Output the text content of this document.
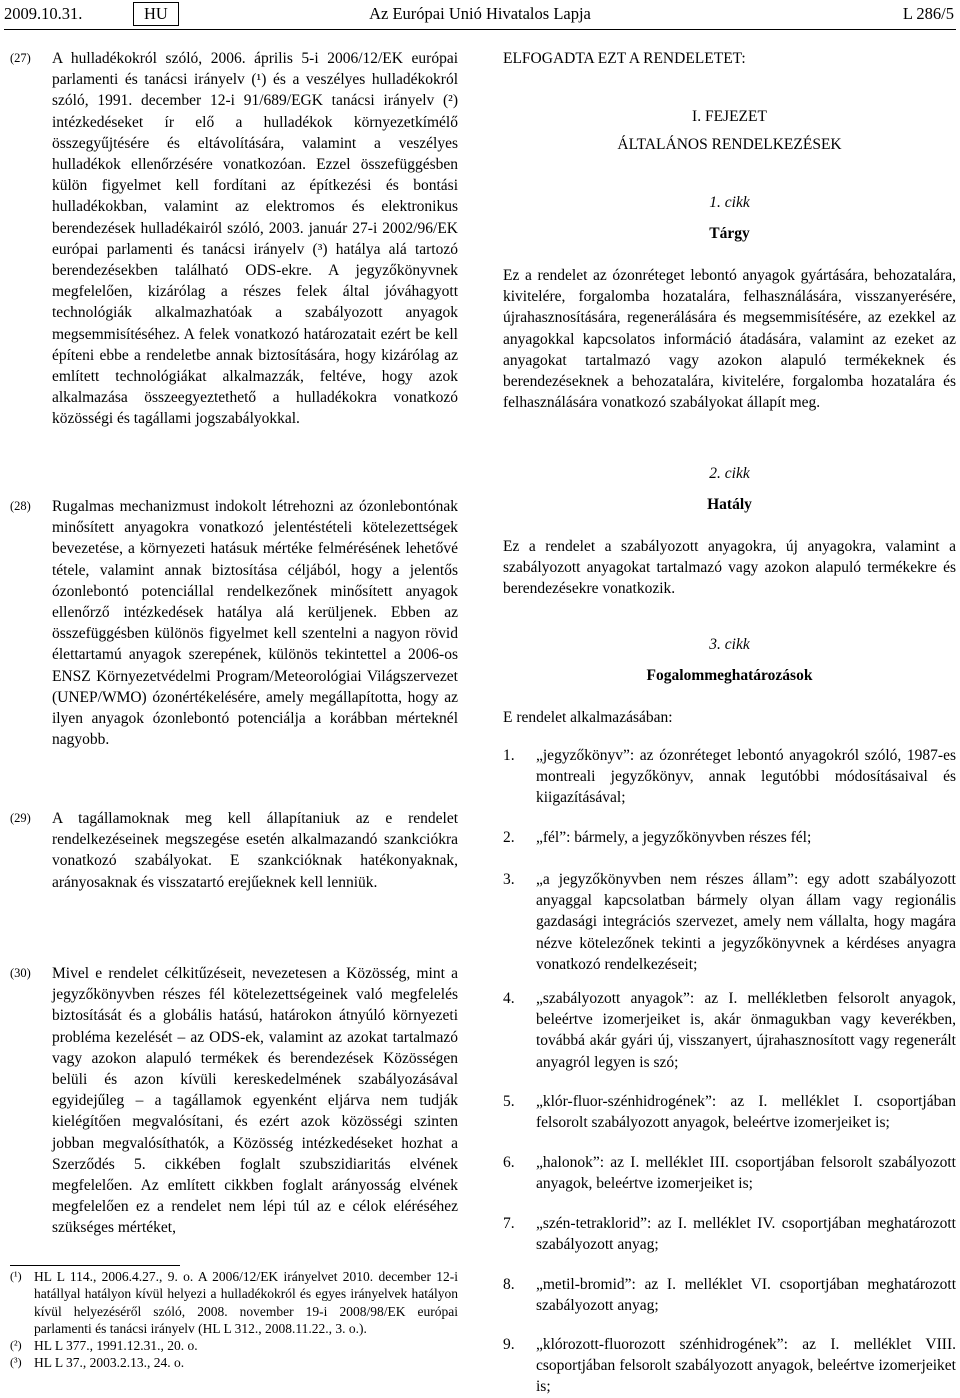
2009.10.31.	HU	Az Európai Unió Hivatalos Lapja	L 286/5
(27)	A hulladékokról szóló, 2006. április 5-i 2006/12/EK európai parlamenti és tanácsi irányelv (¹) és a veszélyes hulladékokról szóló, 1991. december 12-i 91/689/EGK tanácsi irányelv (²) intézkedéseket ír elő a hulladékok környezetkímélő összegyűjtésére és eltávolítására, valamint a veszélyes hulladékok ellenőrzésére vonatkozóan. Ezzel összefüggésben külön figyelmet kell fordítani az építkezési és bontási hulladékokban, valamint az elektromos és elektronikus berendezések hulladékairól szóló, 2003. január 27-i 2002/96/EK európai parlamenti és tanácsi irányelv (³) hatálya alá tartozó berendezésekben található ODS-ekre. A jegyzőkönyvnek megfelelően, kizárólag a részes felek által jóváhagyott technológiák alkalmazhatóak a szabályozott anyagok megsemmisítéséhez. A felek vonatkozó határozatait ezért be kell építeni ebbe a rendeletbe annak biztosítására, hogy kizárólag az említett technológiákat alkalmazzák, feltéve, hogy azok alkalmazása összeegyeztethető a hulladékokra vonatkozó közösségi és tagállami jogszabályokkal.
(28)	Rugalmas mechanizmust indokolt létrehozni az ózonlebontónak minősített anyagokra vonatkozó jelentéstételi kötelezettségek bevezetése, a környezeti hatásuk mértéke felmérésének lehetővé tétele, valamint annak biztosítása céljából, hogy a jelentős ózonlebontó potenciállal rendelkezőnek minősített anyagok ellenőrző intézkedések hatálya alá kerüljenek. Ebben az összefüggésben különös figyelmet kell szentelni a nagyon rövid élettartamú anyagok szerepének, különös tekintettel a 2006-os ENSZ Környezetvédelmi Program/Meteorológiai Világszervezet (UNEP/WMO) ózonértékelésére, amely megállapította, hogy az ilyen anyagok ózonlebontó potenciálja a korábban mérteknél nagyobb.
(29)	A tagállamoknak meg kell állapítaniuk az e rendelet rendelkezéseinek megszegése esetén alkalmazandó szankciókra vonatkozó szabályokat. E szankcióknak hatékonyaknak, arányosaknak és visszatartó erejűeknek kell lenniük.
(30)	Mivel e rendelet célkitűzéseit, nevezetesen a Közösség, mint a jegyzőkönyvben részes fél kötelezettségeinek való megfelelés biztosítását és a globális hatású, határokon átnyúló környezeti probléma kezelését – az ODS-ek, valamint az azokat tartalmazó vagy azokon alapuló termékek és berendezések Közösségen belüli és azon kívüli kereskedelmének szabályozásával egyidejűleg – a tagállamok egyenként eljárva nem tudják kielégítően megvalósítani, és ezért azok közösségi szinten jobban megvalósíthatók, a Közösség intézkedéseket hozhat a Szerződés 5. cikkében foglalt szubszidiaritás elvének megfelelően. Az említett cikkben foglalt arányosság elvének megfelelően ez a rendelet nem lépi túl az e célok eléréséhez szükséges mértéket,
(¹) HL L 114., 2006.4.27., 9. o. A 2006/12/EK irányelvet 2010. december 12-i hatállyal hatályon kívül helyezi a hulladékokról és egyes irányelvek hatályon kívül helyezéséről szóló, 2008. november 19-i 2008/98/EK európai parlamenti és tanácsi irányelv (HL L 312., 2008.11.22., 3. o.).
(²) HL L 377., 1991.12.31., 20. o.
(³) HL L 37., 2003.2.13., 24. o.
ELFOGADTA EZT A RENDELETET:
I. FEJEZET
ÁLTALÁNOS RENDELKEZÉSEK
1. cikk
Tárgy
Ez a rendelet az ózonréteget lebontó anyagok gyártására, behozatalára, kivitelére, forgalomba hozatalára, felhasználására, visszanyerésére, újrahasznosítására, regenerálására és megsemmisítésére, az ezekkel az anyagokkal kapcsolatos információ átadására, valamint az ezeket az anyagokat tartalmazó vagy azokon alapuló termékeknek és berendezéseknek a behozatalára, kivitelére, forgalomba hozatalára és felhasználására vonatkozó szabályokat állapít meg.
2. cikk
Hatály
Ez a rendelet a szabályozott anyagokra, új anyagokra, valamint a szabályozott anyagokat tartalmazó vagy azokon alapuló termékekre és berendezésekre vonatkozik.
3. cikk
Fogalommeghatározások
E rendelet alkalmazásában:
1. „jegyzőkönyv”: az ózonréteget lebontó anyagokról szóló, 1987-es montreali jegyzőkönyv, annak legutóbbi módosításaival és kiigazításával;
2. „fél”: bármely, a jegyzőkönyvben részes fél;
3. „a jegyzőkönyvben nem részes állam”: egy adott szabályozott anyaggal kapcsolatban bármely olyan állam vagy regionális gazdasági integrációs szervezet, amely nem vállalta, hogy magára nézve kötelezőnek tekinti a jegyzőkönyvnek a kérdéses anyagra vonatkozó rendelkezéseit;
4. „szabályozott anyagok”: az I. mellékletben felsorolt anyagok, beleértve izomerjeiket is, akár önmagukban vagy keverékben, továbbá akár gyári új, visszanyert, újrahasznosított vagy regenerált anyagról legyen is szó;
5. „klór-fluor-szénhidrogének”: az I. melléklet I. csoportjában felsorolt szabályozott anyagok, beleértve izomerjeiket is;
6. „halonok”: az I. melléklet III. csoportjában felsorolt szabályozott anyagok, beleértve izomerjeiket is;
7. „szén-tetraklorid”: az I. melléklet IV. csoportjában meghatározott szabályozott anyag;
8. „metil-bromid”: az I. melléklet VI. csoportjában meghatározott szabályozott anyag;
9. „klórozott-fluorozott szénhidrogének”: az I. melléklet VIII. csoportjában felsorolt szabályozott anyagok, beleértve izomerjeiket is;
